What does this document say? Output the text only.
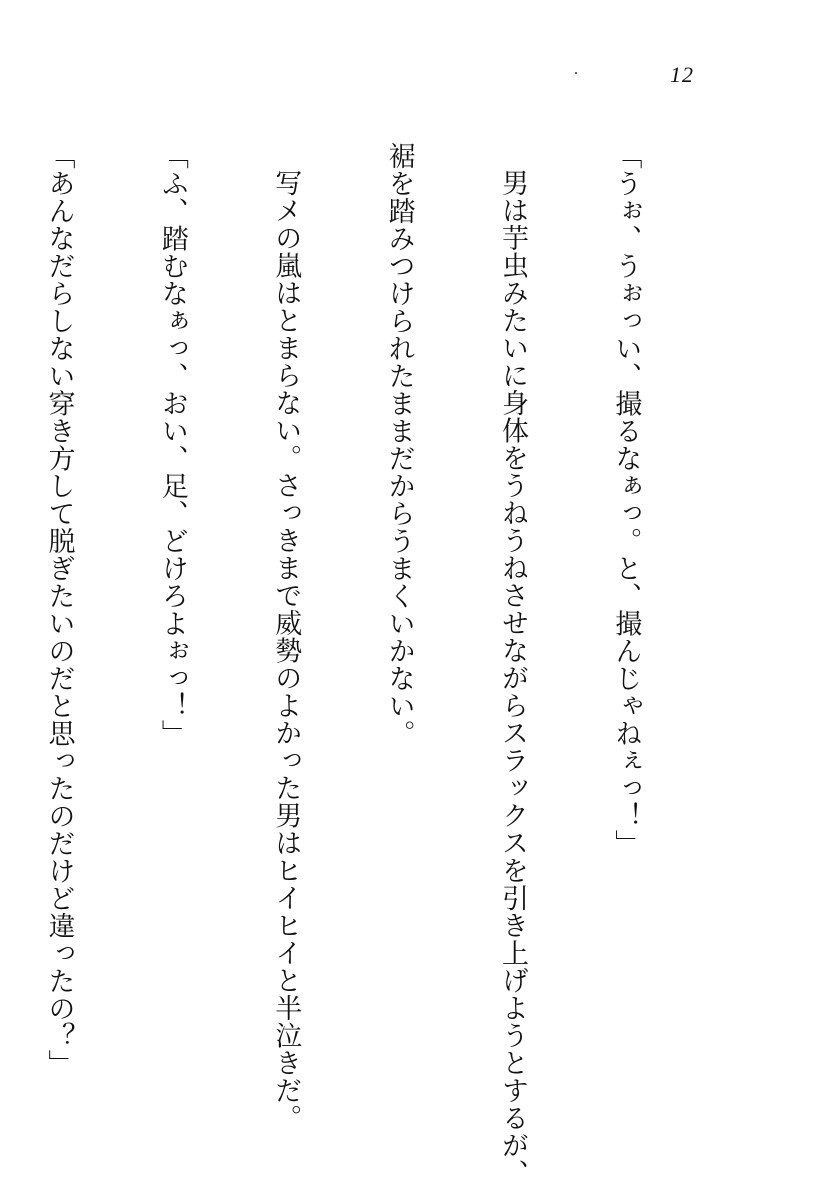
12

「うぉ、うぉっい、撮るなぁっ。と、撮んじゃねぇっ！」

男は芋虫みたいに身体をうねうねさせながらスラックスを引き上げようとするが、

裾を踏みつけられたままだからうまくいかない。

写メの嵐はとまらない。さっきまで威勢のよかった男はヒイヒイと半泣きだ。

「ふ、踏むなぁっ、おい、足、どけろよぉっ！」

「あんなだらしない穿き方して脱ぎたいのだと思ったのだけど違ったの？」
